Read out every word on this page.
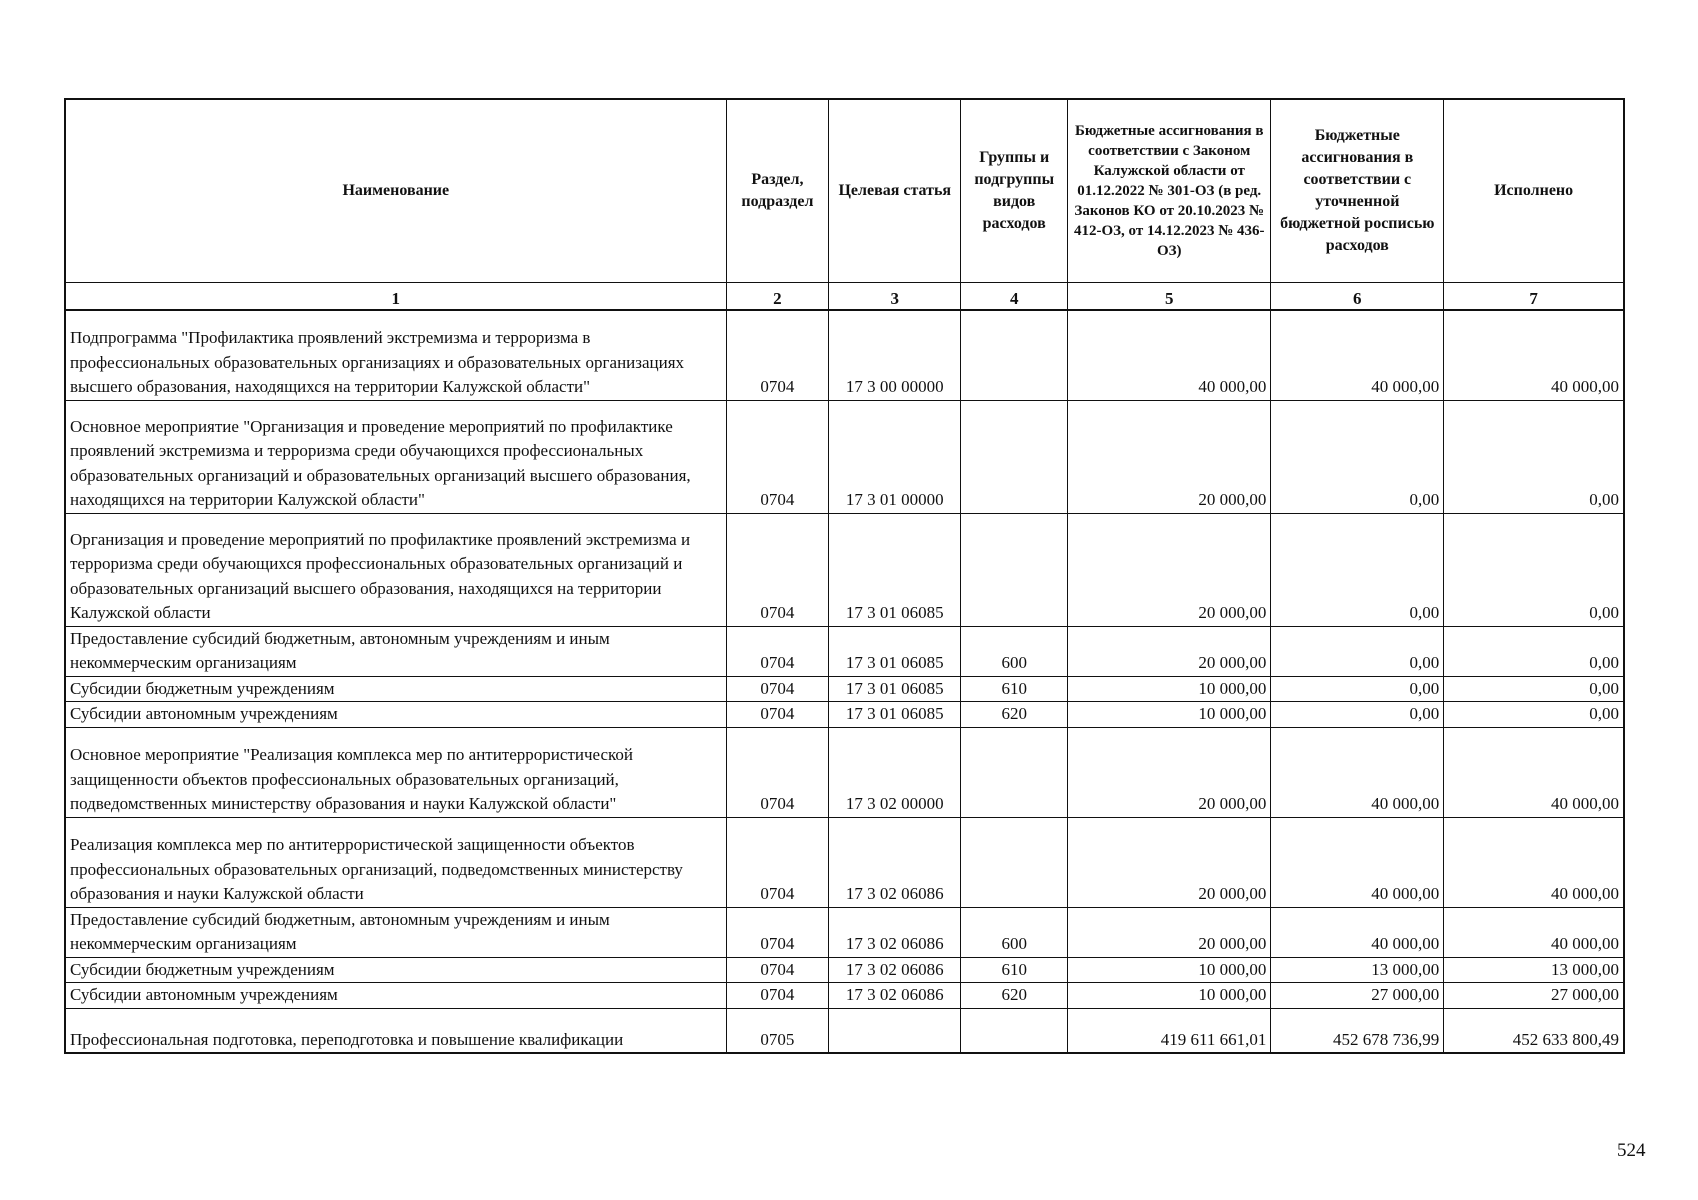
Наименование	Раздел, подраздел	Целевая статья	Группы и подгруппы видов расходов	Бюджетные ассигнования в соответствии с Законом Калужской области от 01.12.2022 № 301-ОЗ (в ред. Законов КО от 20.10.2023 № 412-ОЗ, от 14.12.2023 № 436-ОЗ)	Бюджетные ассигнования в соответствии с уточненной бюджетной росписью расходов	Исполнено
1	2	3	4	5	6	7
Подпрограмма "Профилактика проявлений экстремизма и терроризма в профессиональных образовательных организациях и образовательных организациях высшего образования, находящихся на территории Калужской области"	0704	17 3 00 00000		40 000,00	40 000,00	40 000,00
Основное мероприятие "Организация и проведение мероприятий по профилактике проявлений экстремизма и терроризма среди обучающихся профессиональных образовательных организаций и образовательных организаций высшего образования, находящихся на территории Калужской области"	0704	17 3 01 00000		20 000,00	0,00	0,00
Организация и проведение мероприятий по профилактике проявлений экстремизма и терроризма среди обучающихся профессиональных образовательных организаций и образовательных организаций высшего образования, находящихся на территории Калужской области	0704	17 3 01 06085		20 000,00	0,00	0,00
Предоставление субсидий бюджетным, автономным учреждениям и иным некоммерческим организациям	0704	17 3 01 06085	600	20 000,00	0,00	0,00
Субсидии бюджетным учреждениям	0704	17 3 01 06085	610	10 000,00	0,00	0,00
Субсидии автономным учреждениям	0704	17 3 01 06085	620	10 000,00	0,00	0,00
Основное мероприятие "Реализация комплекса мер по антитеррористической защищенности объектов профессиональных образовательных организаций, подведомственных министерству образования и науки Калужской области"	0704	17 3 02 00000		20 000,00	40 000,00	40 000,00
Реализация комплекса мер по антитеррористической защищенности объектов профессиональных образовательных организаций, подведомственных министерству образования и науки Калужской области	0704	17 3 02 06086		20 000,00	40 000,00	40 000,00
Предоставление субсидий бюджетным, автономным учреждениям и иным некоммерческим организациям	0704	17 3 02 06086	600	20 000,00	40 000,00	40 000,00
Субсидии бюджетным учреждениям	0704	17 3 02 06086	610	10 000,00	13 000,00	13 000,00
Субсидии автономным учреждениям	0704	17 3 02 06086	620	10 000,00	27 000,00	27 000,00
Профессиональная подготовка, переподготовка и повышение квалификации	0705			419 611 661,01	452 678 736,99	452 633 800,49
524
